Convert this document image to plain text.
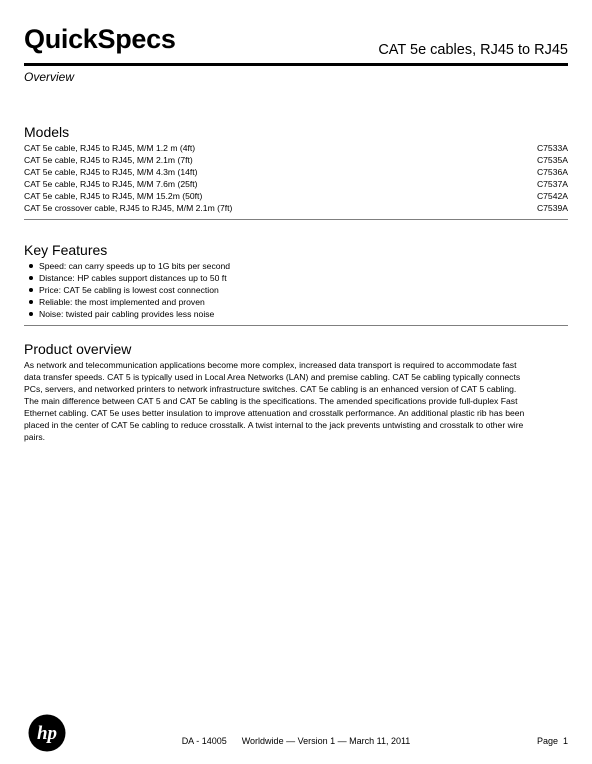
QuickSpecs	CAT 5e cables, RJ45 to RJ45
Overview
Models
CAT 5e cable, RJ45 to RJ45, M/M 1.2 m (4ft)	C7533A
CAT 5e cable, RJ45 to RJ45, M/M 2.1m (7ft)	C7535A
CAT 5e cable, RJ45 to RJ45, M/M 4.3m (14ft)	C7536A
CAT 5e cable, RJ45 to RJ45, M/M 7.6m (25ft)	C7537A
CAT 5e cable, RJ45 to RJ45, M/M 15.2m (50ft)	C7542A
CAT 5e crossover cable, RJ45 to RJ45, M/M 2.1m (7ft)	C7539A
Key Features
Speed: can carry speeds up to 1G bits per second
Distance: HP cables support distances up to 50 ft
Price: CAT 5e cabling is lowest cost connection
Reliable: the most implemented and proven
Noise: twisted pair cabling provides less noise
Product overview
As network and telecommunication applications become more complex, increased data transport is required to accommodate fast
data transfer speeds. CAT 5 is typically used in Local Area Networks (LAN) and premise cabling. CAT 5e cabling typically connects
PCs, servers, and networked printers to network infrastructure switches. CAT 5e cabling is an enhanced version of CAT 5 cabling.
The main difference between CAT 5 and CAT 5e cabling is the specifications. The amended specifications provide full-duplex Fast
Ethernet cabling. CAT 5e uses better insulation to improve attenuation and crosstalk performance. An additional plastic rib has been
placed in the center of CAT 5e cabling to reduce crosstalk. A twist internal to the jack prevents untwisting and crosstalk to other wire
pairs.
hp	DA - 14005      Worldwide — Version 1 — March 11, 2011	Page  1
